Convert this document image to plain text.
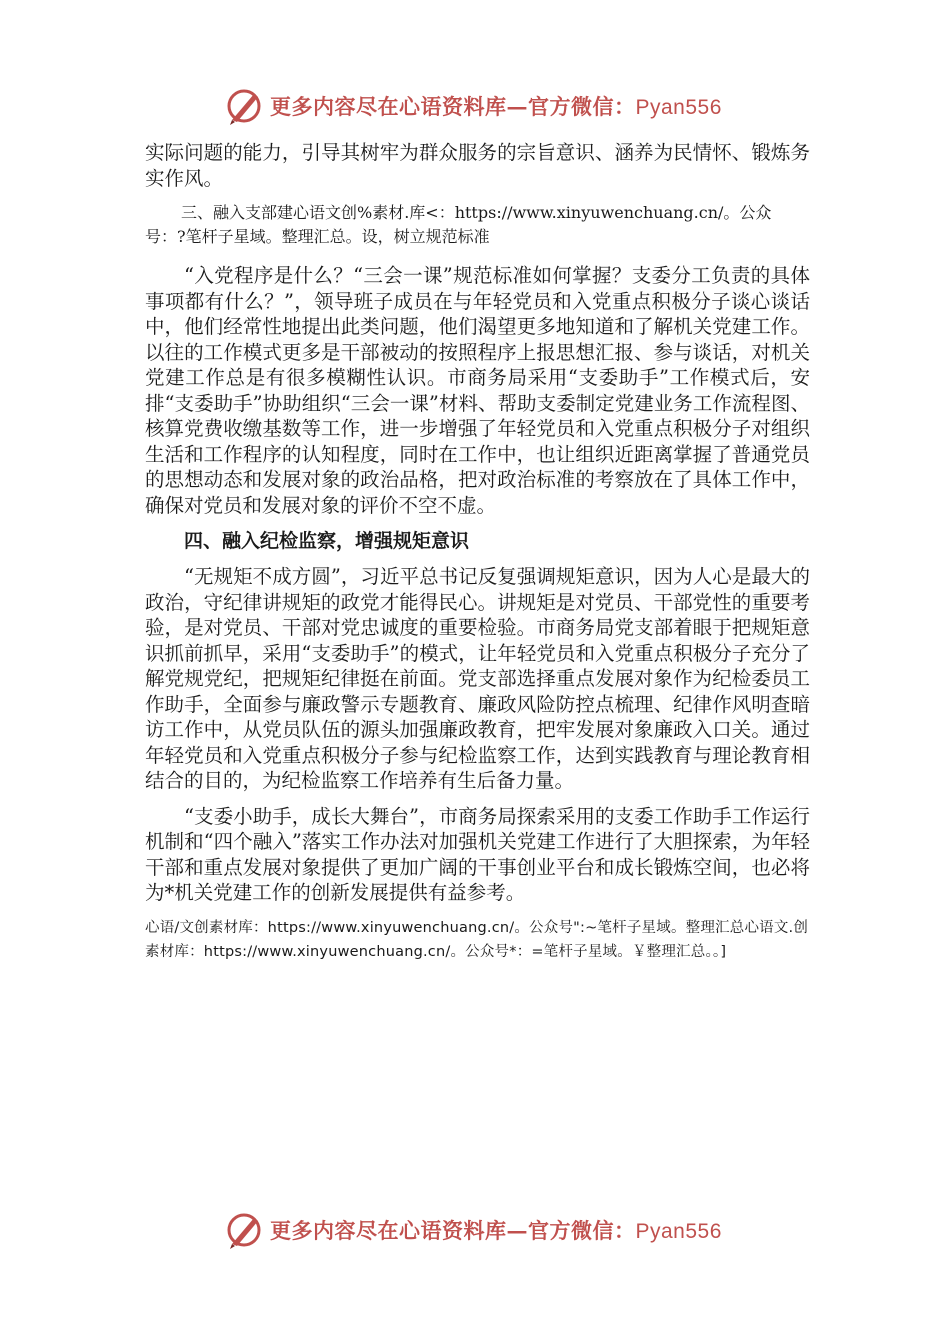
更多内容尽在心语资料库—官方微信：Pyan556

实际问题的能力，引导其树牢为群众服务的宗旨意识、涵养为民情怀、锻炼务实作风。

三、融入支部建心语文创%素材.库<：https://www.xinyuwenchuang.cn/。公众号：?笔杆子星域。整理汇总。设，树立规范标准

“入党程序是什么？“三会一课”规范标准如何掌握？支委分工负责的具体事项都有什么？”，领导班子成员在与年轻党员和入党重点积极分子谈心谈话中，他们经常性地提出此类问题，他们渴望更多地知道和了解机关党建工作。以往的工作模式更多是干部被动的按照程序上报思想汇报、参与谈话，对机关党建工作总是有很多模糊性认识。市商务局采用“支委助手”工作模式后，安排“支委助手”协助组织“三会一课”材料、帮助支委制定党建业务工作流程图、核算党费收缴基数等工作，进一步增强了年轻党员和入党重点积极分子对组织生活和工作程序的认知程度，同时在工作中，也让组织近距离掌握了普通党员的思想动态和发展对象的政治品格，把对政治标准的考察放在了具体工作中，确保对党员和发展对象的评价不空不虚。

四、融入纪检监察，增强规矩意识

“无规矩不成方圆”，习近平总书记反复强调规矩意识，因为人心是最大的政治，守纪律讲规矩的政党才能得民心。讲规矩是对党员、干部党性的重要考验，是对党员、干部对党忠诚度的重要检验。市商务局党支部着眼于把规矩意识抓前抓早，采用“支委助手”的模式，让年轻党员和入党重点积极分子充分了解党规党纪，把规矩纪律挺在前面。党支部选择重点发展对象作为纪检委员工作助手，全面参与廉政警示专题教育、廉政风险防控点梳理、纪律作风明查暗访工作中，从党员队伍的源头加强廉政教育，把牢发展对象廉政入口关。通过年轻党员和入党重点积极分子参与纪检监察工作，达到实践教育与理论教育相结合的目的，为纪检监察工作培养有生后备力量。

“支委小助手，成长大舞台”，市商务局探索采用的支委工作助手工作运行机制和“四个融入”落实工作办法对加强机关党建工作进行了大胆探索，为年轻干部和重点发展对象提供了更加广阔的干事创业平台和成长锻炼空间，也必将为*机关党建工作的创新发展提供有益参考。

心语/文创素材库：https://www.xinyuwenchuang.cn/。公众号":~笔杆子星域。整理汇总心语文.创素材库：https://www.xinyuwenchuang.cn/。公众号*：=笔杆子星域。￥整理汇总。。]

更多内容尽在心语资料库—官方微信：Pyan556
